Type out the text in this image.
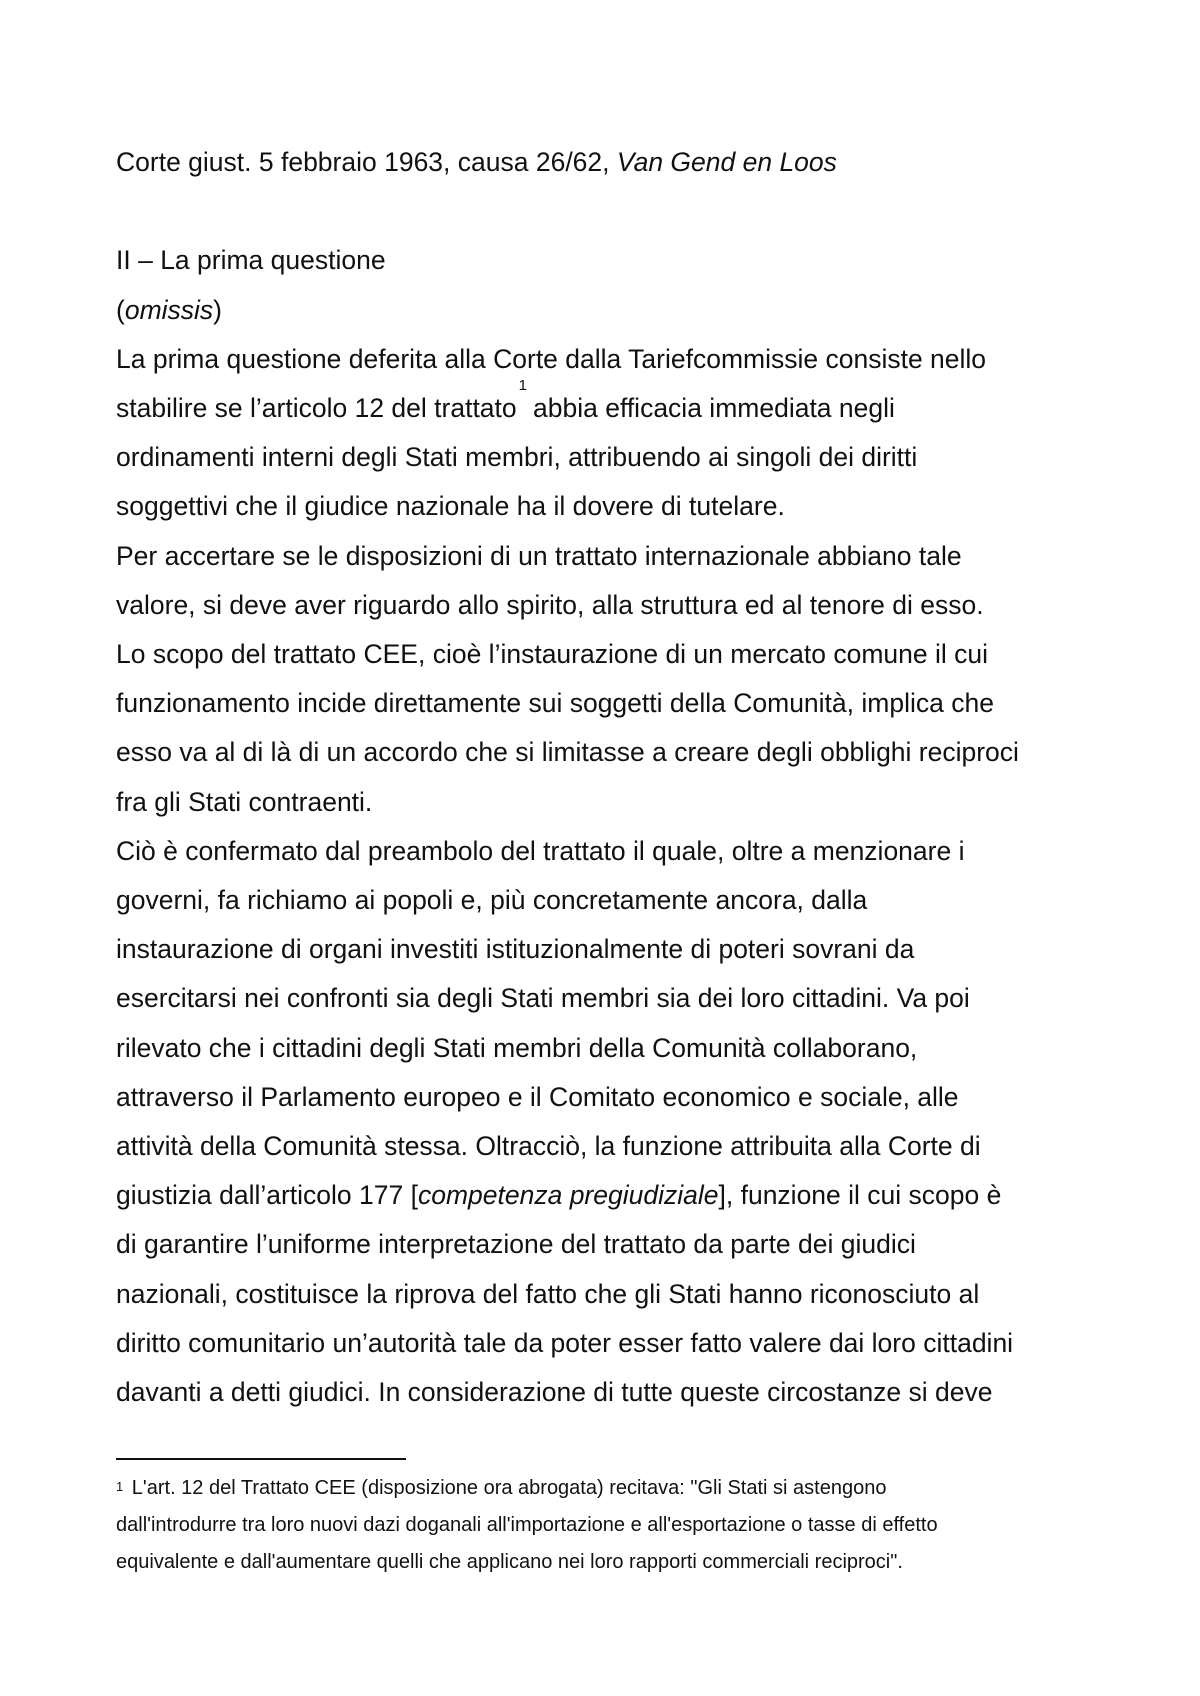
Corte giust. 5 febbraio 1963, causa 26/62, Van Gend en Loos
II – La prima questione
(omissis)
La prima questione deferita alla Corte dalla Tariefcommissie consiste nello
stabilire se l’articolo 12 del trattato$^1$abbia efficacia immediata negli
ordinamenti interni degli Stati membri, attribuendo ai singoli dei diritti
soggettivi che il giudice nazionale ha il dovere di tutelare.
Per accertare se le disposizioni di un trattato internazionale abbiano tale
valore, si deve aver riguardo allo spirito, alla struttura ed al tenore di esso.
Lo scopo del trattato CEE, cioè l’instaurazione di un mercato comune il cui
funzionamento incide direttamente sui soggetti della Comunità, implica che
esso va al di là di un accordo che si limitasse a creare degli obblighi reciproci
fra gli Stati contraenti.
Ciò è confermato dal preambolo del trattato il quale, oltre a menzionare i
governi, fa richiamo ai popoli e, più concretamente ancora, dalla
instaurazione di organi investiti istituzionalmente di poteri sovrani da
esercitarsi nei confronti sia degli Stati membri sia dei loro cittadini. Va poi
rilevato che i cittadini degli Stati membri della Comunità collaborano,
attraverso il Parlamento europeo e il Comitato economico e sociale, alle
attività della Comunità stessa. Oltracciò, la funzione attribuita alla Corte di
giustizia dall’articolo 177 [competenza pregiudiziale], funzione il cui scopo è
di garantire l’uniforme interpretazione del trattato da parte dei giudici
nazionali, costituisce la riprova del fatto che gli Stati hanno riconosciuto al
diritto comunitario un’autorità tale da poter esser fatto valere dai loro cittadini
davanti a detti giudici. In considerazione di tutte queste circostanze si deve
$^1$ L'art. 12 del Trattato CEE (disposizione ora abrogata) recitava: "Gli Stati si astengono
dall'introdurre tra loro nuovi dazi doganali all'importazione e all'esportazione o tasse di effetto
equivalente e dall'aumentare quelli che applicano nei loro rapporti commerciali reciproci".
